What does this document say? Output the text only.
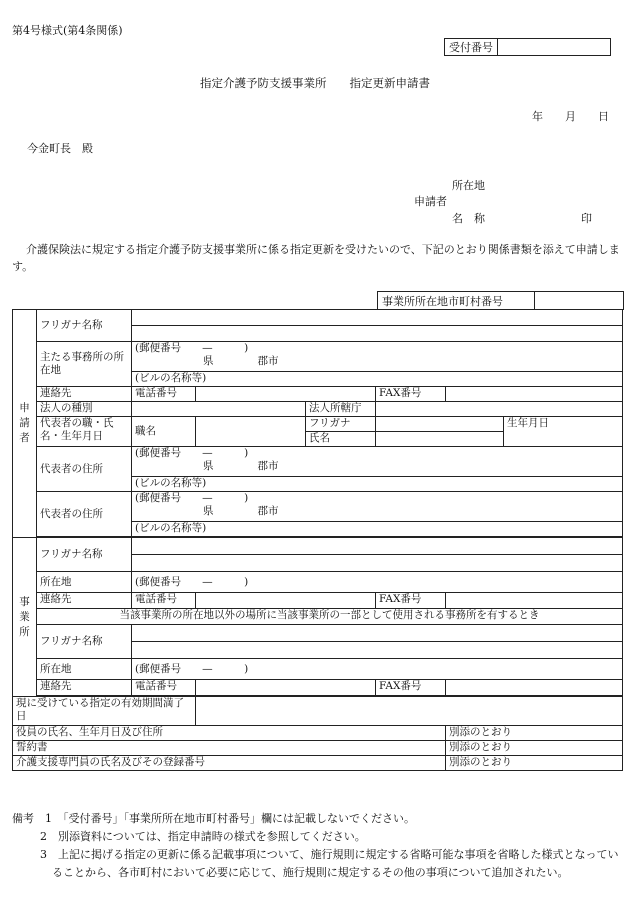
第4号様式(第4条関係)
受付番号	
指定介護予防支援事業所　　指定更新申請書
年 月 日
今金町長　殿
所在地
申請者
名　称	印
介護保険法に規定する指定介護予防支援事業所に係る指定更新を受けたいので、下記のとおり関係書類を添えて申請します。
事業所所在地市町村番号	
申請者	フリガナ名称						

	主たる事務所の所在地	(郵便番号　　—　　　)
県 郡市					

		(ビルの名称等)					
	連絡先	電話番号			FAX番号		
	法人の種別			法人所轄庁			
	代表者の職・氏名・生年月日	職名		フリガナ			生年月日
				氏名			
	代表者の住所	(郵便番号　　—　　　)
県 郡市					

		(ビルの名称等)					
	代表者の住所	(郵便番号　　—　　　)
県 郡市					

		(ビルの名称等)					

事業所	フリガナ名称						

	所在地	(郵便番号　　—　　　)					
	連絡先	電話番号			FAX番号		
	当該事業所の所在地以外の場所に当該事業所の一部として使用される事務所を有するとき						
	フリガナ名称						

	所在地	(郵便番号　　—　　　)					
	連絡先	電話番号			FAX番号		

現に受けている指定の有効期間満了日							
役員の氏名、生年月日及び住所						別添のとおり	
誓約書						別添のとおり	
介護支援専門員の氏名及びその登録番号						別添のとおり	
備考　 1　「受付番号」「事業所所在地市町村番号」欄には記載しないでください。
2　別添資料については、指定申請時の様式を参照してください。
3　上記に掲げる指定の更新に係る記載事項について、施行規則に規定する省略可能な事項を省略した様式となっていることから、各市町村において必要に応じて、施行規則に規定するその他の事項について追加されたい。
